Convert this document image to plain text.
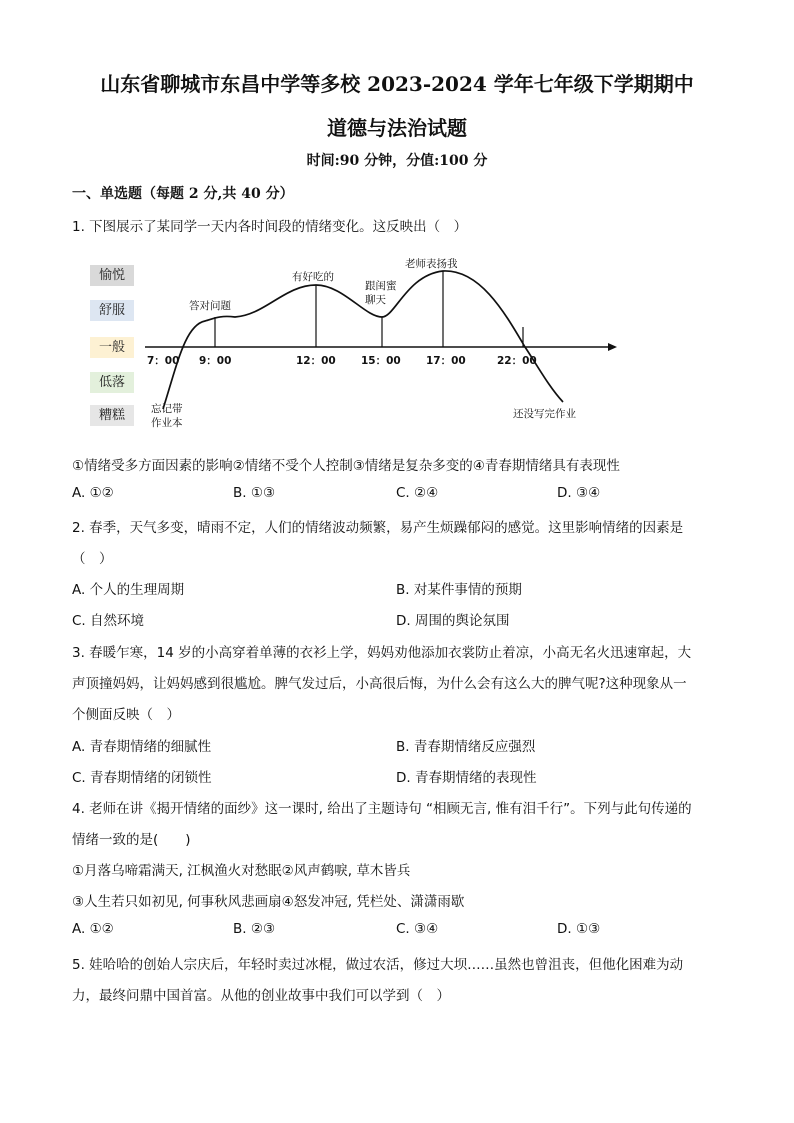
山东省聊城市东昌中学等多校 2023-2024 学年七年级下学期期中
道德与法治试题
时间:90 分钟，分值:100 分
一、单选题（每题 2 分,共 40 分）
1. 下图展示了某同学一天内各时间段的情绪变化。这反映出（　）
愉悦
舒服
一般
低落
糟糕
答对问题
有好吃的
跟闺蜜
聊天
老师表扬我
忘记带
作业本
还没写完作业
7：00 9：00	12：00 15：00 17：00	22：00
①情绪受多方面因素的影响②情绪不受个人控制③情绪是复杂多变的④青春期情绪具有表现性
A. ①②	B. ①③	C. ②④	D. ③④
2. 春季，天气多变，晴雨不定，人们的情绪波动频繁，易产生烦躁郁闷的感觉。这里影响情绪的因素是
（　）
A. 个人的生理周期	B. 对某件事情的预期
C. 自然环境	D. 周围的舆论氛围
3. 春暖乍寒，14 岁的小高穿着单薄的衣衫上学，妈妈劝他添加衣裳防止着凉，小高无名火迅速窜起，大
声顶撞妈妈，让妈妈感到很尴尬。脾气发过后，小高很后悔，为什么会有这么大的脾气呢?这种现象从一
个侧面反映（　）
A. 青春期情绪的细腻性	B. 青春期情绪反应强烈
C. 青春期情绪的闭锁性	D. 青春期情绪的表现性
4. 老师在讲《揭开情绪的面纱》这一课时, 给出了主题诗句 “相顾无言, 惟有泪千行”。下列与此句传递的
情绪一致的是(　　)
①月落乌啼霜满天, 江枫渔火对愁眠②风声鹤唳, 草木皆兵
③人生若只如初见, 何事秋风悲画扇④怒发冲冠, 凭栏处、潇潇雨歇
A. ①②	B. ②③	C. ③④	D. ①③
5. 娃哈哈的创始人宗庆后，年轻时卖过冰棍，做过农活，修过大坝……虽然也曾沮丧，但他化困难为动
力，最终问鼎中国首富。从他的创业故事中我们可以学到（　）
